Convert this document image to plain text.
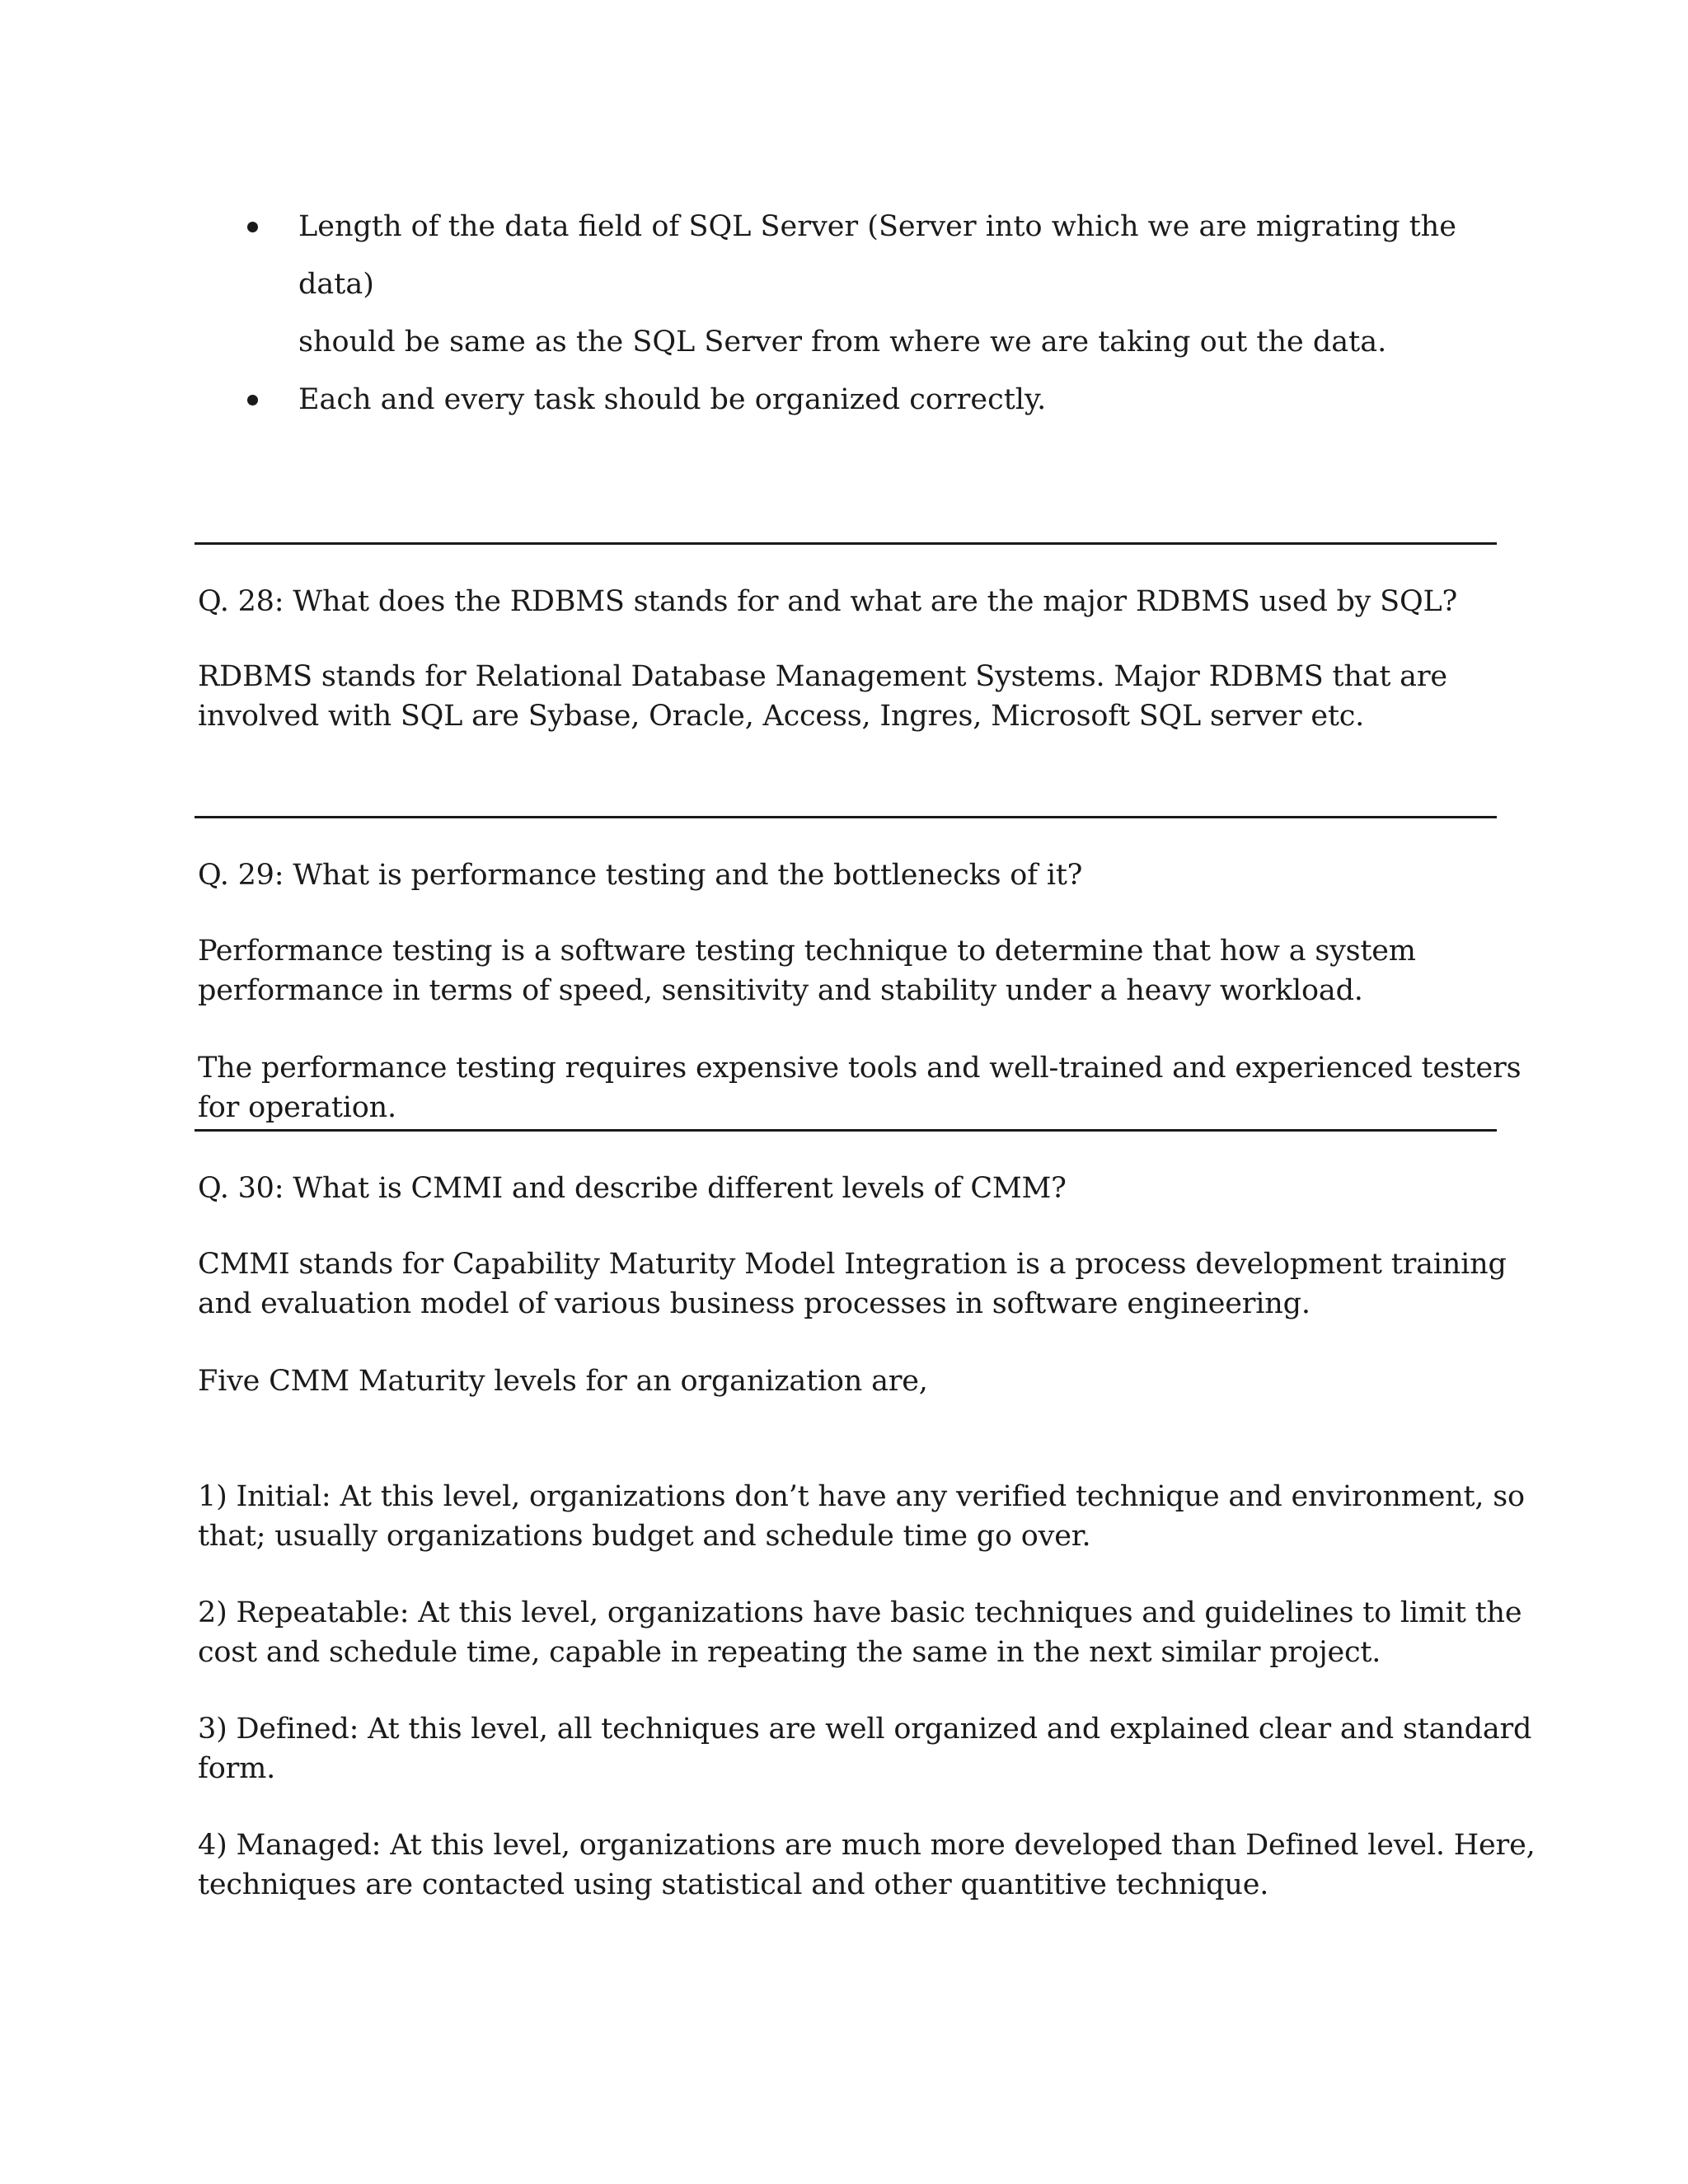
Length of the data field of SQL Server (Server into which we are migrating the data)
should be same as the SQL Server from where we are taking out the data.
Each and every task should be organized correctly.
Q. 28: What does the RDBMS stands for and what are the major RDBMS used by SQL?
RDBMS stands for Relational Database Management Systems. Major RDBMS that are
involved with SQL are Sybase, Oracle, Access, Ingres, Microsoft SQL server etc.
Q. 29: What is performance testing and the bottlenecks of it?
Performance testing is a software testing technique to determine that how a system
performance in terms of speed, sensitivity and stability under a heavy workload.
The performance testing requires expensive tools and well-trained and experienced testers
for operation.
Q. 30: What is CMMI and describe different levels of CMM?
CMMI stands for Capability Maturity Model Integration is a process development training
and evaluation model of various business processes in software engineering.
Five CMM Maturity levels for an organization are,
1) Initial: At this level, organizations don’t have any verified technique and environment, so
that; usually organizations budget and schedule time go over.
2) Repeatable: At this level, organizations have basic techniques and guidelines to limit the
cost and schedule time, capable in repeating the same in the next similar project.
3) Defined: At this level, all techniques are well organized and explained clear and standard
form.
4) Managed: At this level, organizations are much more developed than Defined level. Here,
techniques are contacted using statistical and other quantitive technique.
